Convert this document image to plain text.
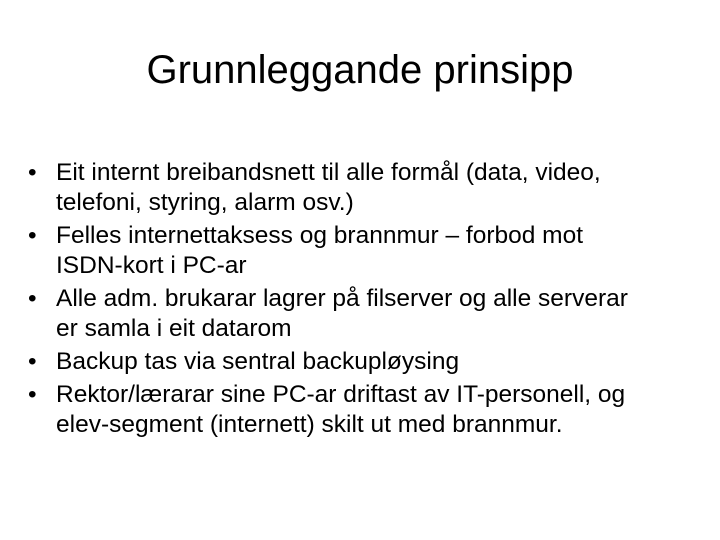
Grunnleggande prinsipp
• Eit internt breibandsnett til alle formål (data, video,
telefoni, styring, alarm osv.)
• Felles internettaksess og brannmur – forbod mot
ISDN-kort i PC-ar
• Alle adm. brukarar lagrer på filserver og alle serverar
er samla i eit datarom
• Backup tas via sentral backupløysing
• Rektor/lærarar sine PC-ar driftast av IT-personell, og
elev-segment (internett) skilt ut med brannmur.
